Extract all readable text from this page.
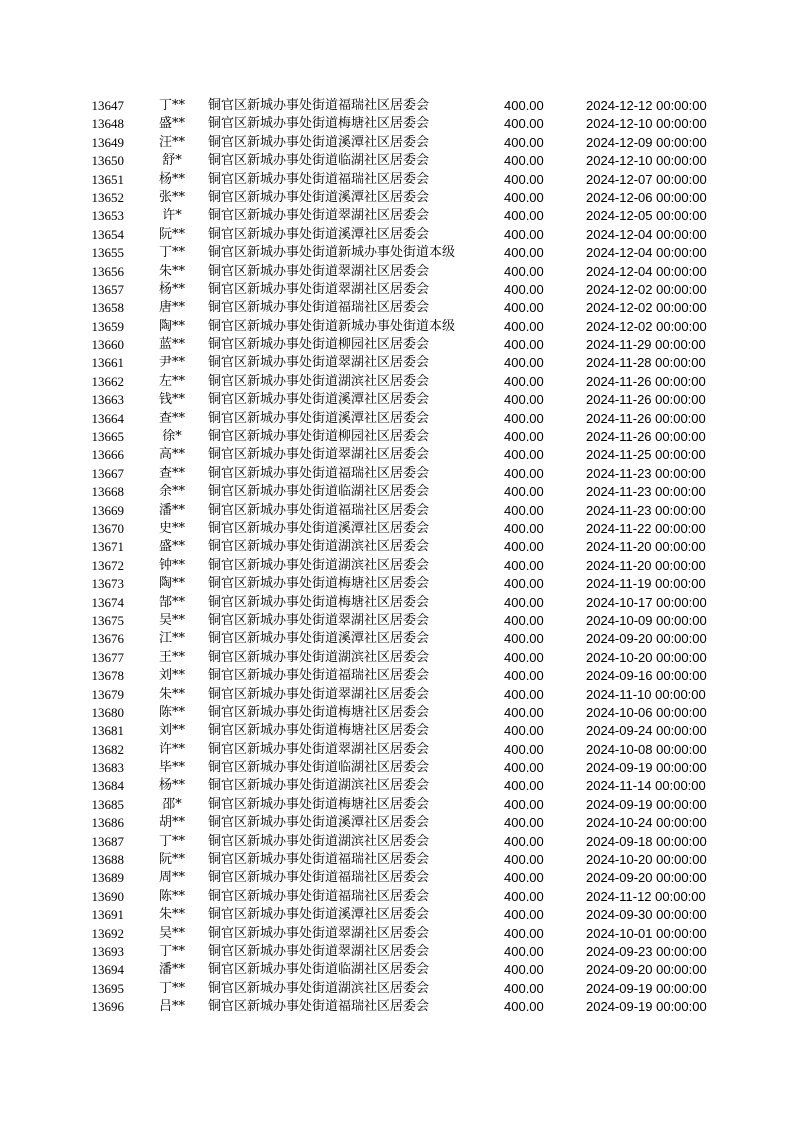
13647	丁**	铜官区新城办事处街道福瑞社区居委会	400.00	2024-12-12 00:00:00
13648	盛**	铜官区新城办事处街道梅塘社区居委会	400.00	2024-12-10 00:00:00
13649	汪**	铜官区新城办事处街道溪潭社区居委会	400.00	2024-12-09 00:00:00
13650	舒*	铜官区新城办事处街道临湖社区居委会	400.00	2024-12-10 00:00:00
13651	杨**	铜官区新城办事处街道福瑞社区居委会	400.00	2024-12-07 00:00:00
13652	张**	铜官区新城办事处街道溪潭社区居委会	400.00	2024-12-06 00:00:00
13653	许*	铜官区新城办事处街道翠湖社区居委会	400.00	2024-12-05 00:00:00
13654	阮**	铜官区新城办事处街道溪潭社区居委会	400.00	2024-12-04 00:00:00
13655	丁**	铜官区新城办事处街道新城办事处街道本级	400.00	2024-12-04 00:00:00
13656	朱**	铜官区新城办事处街道翠湖社区居委会	400.00	2024-12-04 00:00:00
13657	杨**	铜官区新城办事处街道翠湖社区居委会	400.00	2024-12-02 00:00:00
13658	唐**	铜官区新城办事处街道福瑞社区居委会	400.00	2024-12-02 00:00:00
13659	陶**	铜官区新城办事处街道新城办事处街道本级	400.00	2024-12-02 00:00:00
13660	蓝**	铜官区新城办事处街道柳园社区居委会	400.00	2024-11-29 00:00:00
13661	尹**	铜官区新城办事处街道翠湖社区居委会	400.00	2024-11-28 00:00:00
13662	左**	铜官区新城办事处街道湖滨社区居委会	400.00	2024-11-26 00:00:00
13663	钱**	铜官区新城办事处街道溪潭社区居委会	400.00	2024-11-26 00:00:00
13664	查**	铜官区新城办事处街道溪潭社区居委会	400.00	2024-11-26 00:00:00
13665	徐*	铜官区新城办事处街道柳园社区居委会	400.00	2024-11-26 00:00:00
13666	高**	铜官区新城办事处街道翠湖社区居委会	400.00	2024-11-25 00:00:00
13667	查**	铜官区新城办事处街道福瑞社区居委会	400.00	2024-11-23 00:00:00
13668	余**	铜官区新城办事处街道临湖社区居委会	400.00	2024-11-23 00:00:00
13669	潘**	铜官区新城办事处街道福瑞社区居委会	400.00	2024-11-23 00:00:00
13670	史**	铜官区新城办事处街道溪潭社区居委会	400.00	2024-11-22 00:00:00
13671	盛**	铜官区新城办事处街道湖滨社区居委会	400.00	2024-11-20 00:00:00
13672	钟**	铜官区新城办事处街道湖滨社区居委会	400.00	2024-11-20 00:00:00
13673	陶**	铜官区新城办事处街道梅塘社区居委会	400.00	2024-11-19 00:00:00
13674	郜**	铜官区新城办事处街道梅塘社区居委会	400.00	2024-10-17 00:00:00
13675	吴**	铜官区新城办事处街道翠湖社区居委会	400.00	2024-10-09 00:00:00
13676	江**	铜官区新城办事处街道溪潭社区居委会	400.00	2024-09-20 00:00:00
13677	王**	铜官区新城办事处街道湖滨社区居委会	400.00	2024-10-20 00:00:00
13678	刘**	铜官区新城办事处街道福瑞社区居委会	400.00	2024-09-16 00:00:00
13679	朱**	铜官区新城办事处街道翠湖社区居委会	400.00	2024-11-10 00:00:00
13680	陈**	铜官区新城办事处街道梅塘社区居委会	400.00	2024-10-06 00:00:00
13681	刘**	铜官区新城办事处街道梅塘社区居委会	400.00	2024-09-24 00:00:00
13682	许**	铜官区新城办事处街道翠湖社区居委会	400.00	2024-10-08 00:00:00
13683	毕**	铜官区新城办事处街道临湖社区居委会	400.00	2024-09-19 00:00:00
13684	杨**	铜官区新城办事处街道湖滨社区居委会	400.00	2024-11-14 00:00:00
13685	邵*	铜官区新城办事处街道梅塘社区居委会	400.00	2024-09-19 00:00:00
13686	胡**	铜官区新城办事处街道溪潭社区居委会	400.00	2024-10-24 00:00:00
13687	丁**	铜官区新城办事处街道湖滨社区居委会	400.00	2024-09-18 00:00:00
13688	阮**	铜官区新城办事处街道福瑞社区居委会	400.00	2024-10-20 00:00:00
13689	周**	铜官区新城办事处街道福瑞社区居委会	400.00	2024-09-20 00:00:00
13690	陈**	铜官区新城办事处街道福瑞社区居委会	400.00	2024-11-12 00:00:00
13691	朱**	铜官区新城办事处街道溪潭社区居委会	400.00	2024-09-30 00:00:00
13692	吴**	铜官区新城办事处街道翠湖社区居委会	400.00	2024-10-01 00:00:00
13693	丁**	铜官区新城办事处街道翠湖社区居委会	400.00	2024-09-23 00:00:00
13694	潘**	铜官区新城办事处街道临湖社区居委会	400.00	2024-09-20 00:00:00
13695	丁**	铜官区新城办事处街道湖滨社区居委会	400.00	2024-09-19 00:00:00
13696	吕**	铜官区新城办事处街道福瑞社区居委会	400.00	2024-09-19 00:00:00
